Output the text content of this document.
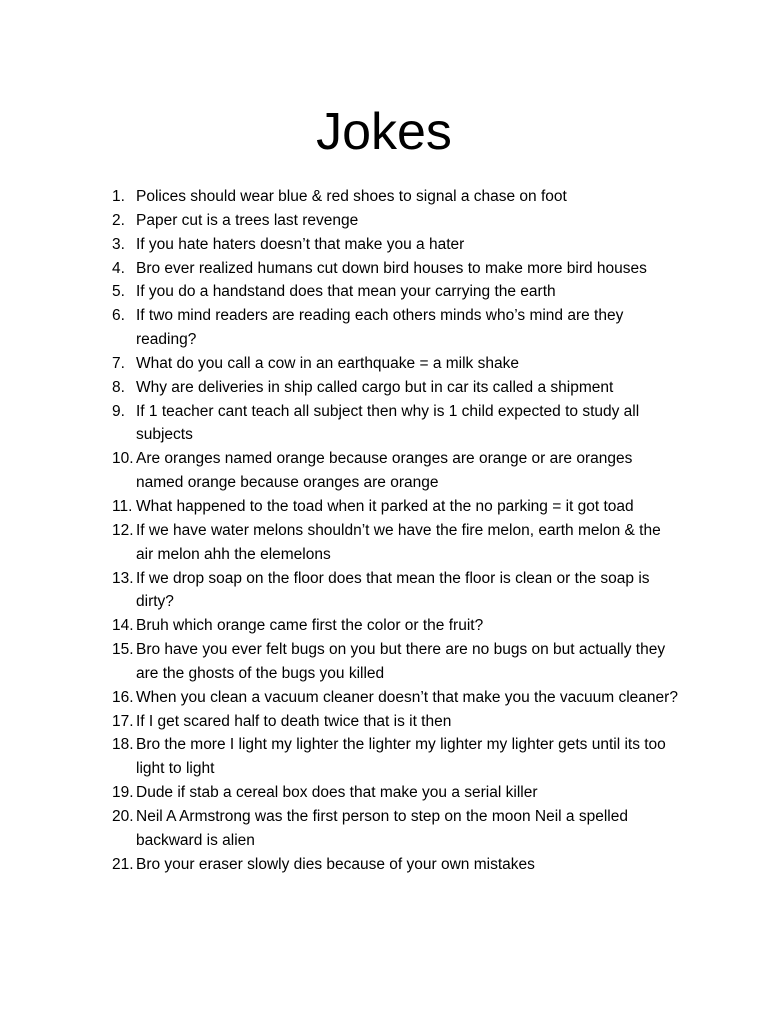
Jokes
1. Polices should wear blue & red shoes to signal a chase on foot
2. Paper cut is a trees last revenge
3. If you hate haters doesn’t that make you a hater
4. Bro ever realized humans cut down bird houses to make more bird houses
5. If you do a handstand does that mean your carrying the earth
6. If two mind readers are reading each others minds who’s mind are they reading?
7. What do you call a cow in an earthquake = a milk shake
8. Why are deliveries in ship called cargo but in car its called a shipment
9. If 1 teacher cant teach all subject then why is 1 child expected to study all subjects
10. Are oranges named orange because oranges are orange or are oranges named orange because oranges are orange
11. What happened to the toad when it parked at the no parking = it got toad
12. If we have water melons shouldn’t we have the fire melon, earth melon & the air melon ahh the elemelons
13. If we drop soap on the floor does that mean the floor is clean or the soap is dirty?
14. Bruh which orange came first the color or the fruit?
15. Bro have you ever felt bugs on you but there are no bugs on but actually they are the ghosts of the bugs you killed
16. When you clean a vacuum cleaner doesn’t that make you the vacuum cleaner?
17. If I get scared half to death twice that is it then
18. Bro the more I light my lighter the lighter my lighter my lighter gets until its too light to light
19. Dude if stab a cereal box does that make you a serial killer
20. Neil A Armstrong was the first person to step on the moon Neil a spelled backward is alien
21. Bro your eraser slowly dies because of your own mistakes
